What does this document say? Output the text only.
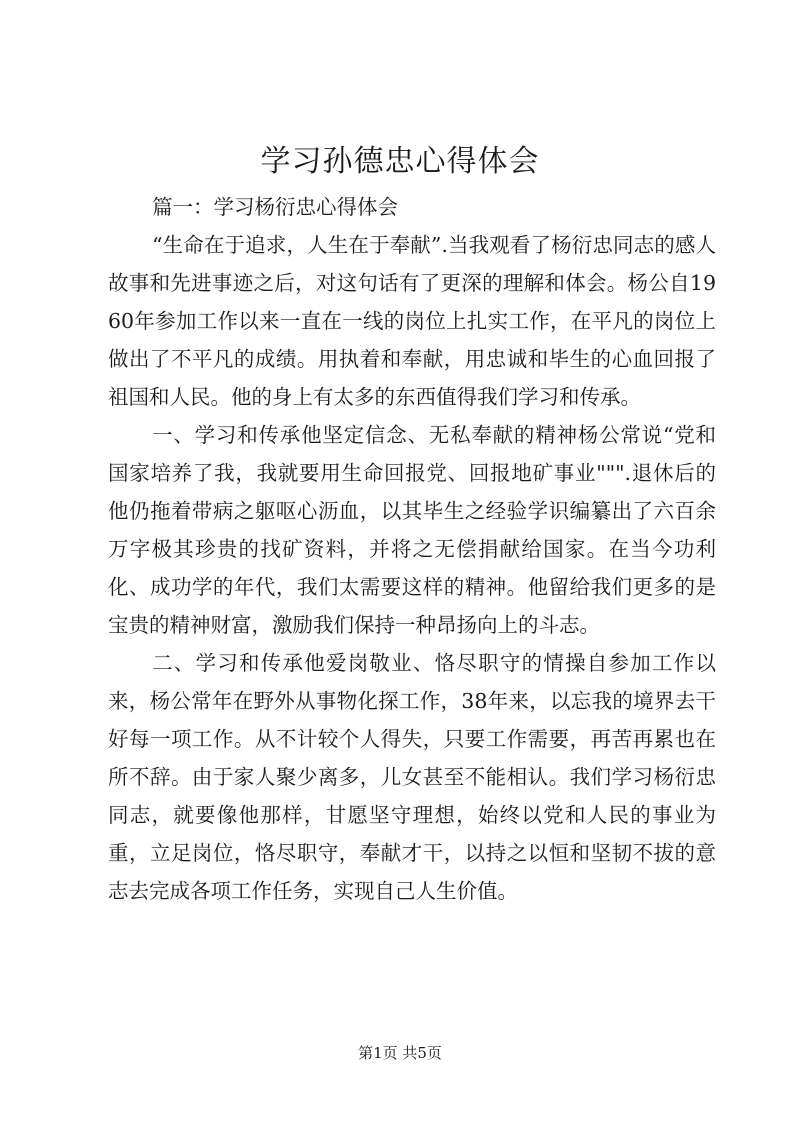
学习孙德忠心得体会

篇一：学习杨衍忠心得体会

“生命在于追求，人生在于奉献”.当我观看了杨衍忠同志的感人故事和先进事迹之后，对这句话有了更深的理解和体会。杨公自1960年参加工作以来一直在一线的岗位上扎实工作，在平凡的岗位上做出了不平凡的成绩。用执着和奉献，用忠诚和毕生的心血回报了祖国和人民。他的身上有太多的东西值得我们学习和传承。

一、学习和传承他坚定信念、无私奉献的精神杨公常说“党和国家培养了我，我就要用生命回报党、回报地矿事业""".退休后的他仍拖着带病之躯呕心沥血，以其毕生之经验学识编纂出了六百余万字极其珍贵的找矿资料，并将之无偿捐献给国家。在当今功利化、成功学的年代，我们太需要这样的精神。他留给我们更多的是宝贵的精神财富，激励我们保持一种昂扬向上的斗志。

二、学习和传承他爱岗敬业、恪尽职守的情操自参加工作以来，杨公常年在野外从事物化探工作，38年来，以忘我的境界去干好每一项工作。从不计较个人得失，只要工作需要，再苦再累也在所不辞。由于家人聚少离多，儿女甚至不能相认。我们学习杨衍忠同志，就要像他那样，甘愿坚守理想，始终以党和人民的事业为重，立足岗位，恪尽职守，奉献才干，以持之以恒和坚韧不拔的意志去完成各项工作任务，实现自己人生价值。

第1页 共5页
